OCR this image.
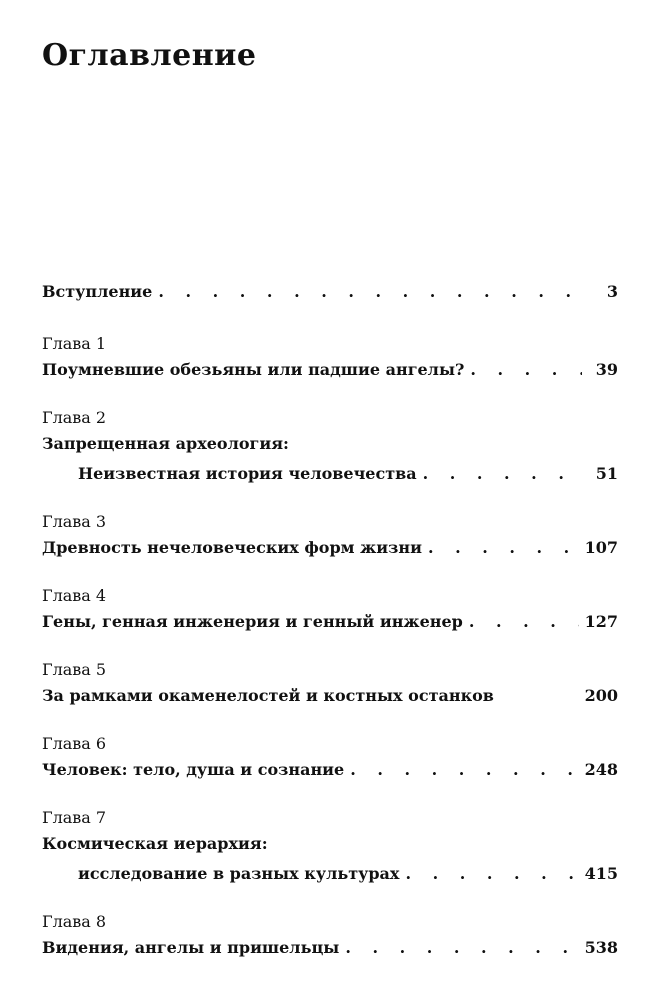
Оглавление
Вступление . . .	3
Глава 1
Поумневшие обезьяны или падшие ангелы? . . .	39
Глава 2
Запрещенная археология:
Неизвестная история человечества . . .	51
Глава 3
Древность нечеловеческих форм жизни . . .	107
Глава 4
Гены, генная инженерия и генный инженер . . .	127
Глава 5
За рамками окаменелостей и костных останков	200
Глава 6
Человек: тело, душа и сознание . . .	248
Глава 7
Космическая иерархия:
исследование в разных культурах . . .	415
Глава 8
Видения, ангелы и пришельцы . . .	538
